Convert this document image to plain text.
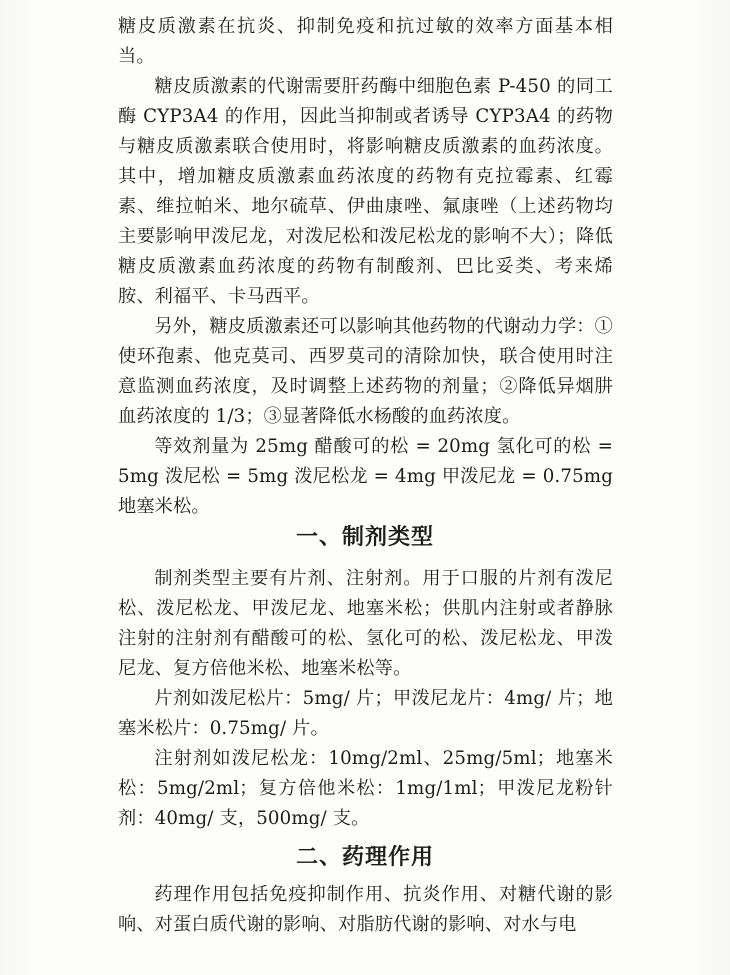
糖皮质激素在抗炎、抑制免疫和抗过敏的效率方面基本相当。

糖皮质激素的代谢需要肝药酶中细胞色素 P-450 的同工酶 CYP3A4 的作用，因此当抑制或者诱导 CYP3A4 的药物与糖皮质激素联合使用时，将影响糖皮质激素的血药浓度。其中，增加糖皮质激素血药浓度的药物有克拉霉素、红霉素、维拉帕米、地尔硫草、伊曲康唑、氟康唑（上述药物均主要影响甲泼尼龙，对泼尼松和泼尼松龙的影响不大）；降低糖皮质激素血药浓度的药物有制酸剂、巴比妥类、考来烯胺、利福平、卡马西平。

另外，糖皮质激素还可以影响其他药物的代谢动力学：①使环孢素、他克莫司、西罗莫司的清除加快，联合使用时注意监测血药浓度，及时调整上述药物的剂量；②降低异烟肼血药浓度的 1/3；③显著降低水杨酸的血药浓度。

等效剂量为 25mg 醋酸可的松 = 20mg 氢化可的松 = 5mg 泼尼松 = 5mg 泼尼松龙 = 4mg 甲泼尼龙 = 0.75mg 地塞米松。

一、制剂类型

制剂类型主要有片剂、注射剂。用于口服的片剂有泼尼松、泼尼松龙、甲泼尼龙、地塞米松；供肌内注射或者静脉注射的注射剂有醋酸可的松、氢化可的松、泼尼松龙、甲泼尼龙、复方倍他米松、地塞米松等。

片剂如泼尼松片：5mg/ 片；甲泼尼龙片：4mg/ 片；地塞米松片：0.75mg/ 片。

注射剂如泼尼松龙：10mg/2ml、25mg/5ml；地塞米松：5mg/2ml；复方倍他米松：1mg/1ml；甲泼尼龙粉针剂：40mg/ 支，500mg/ 支。

二、药理作用

药理作用包括免疫抑制作用、抗炎作用、对糖代谢的影响、对蛋白质代谢的影响、对脂肪代谢的影响、对水与电
